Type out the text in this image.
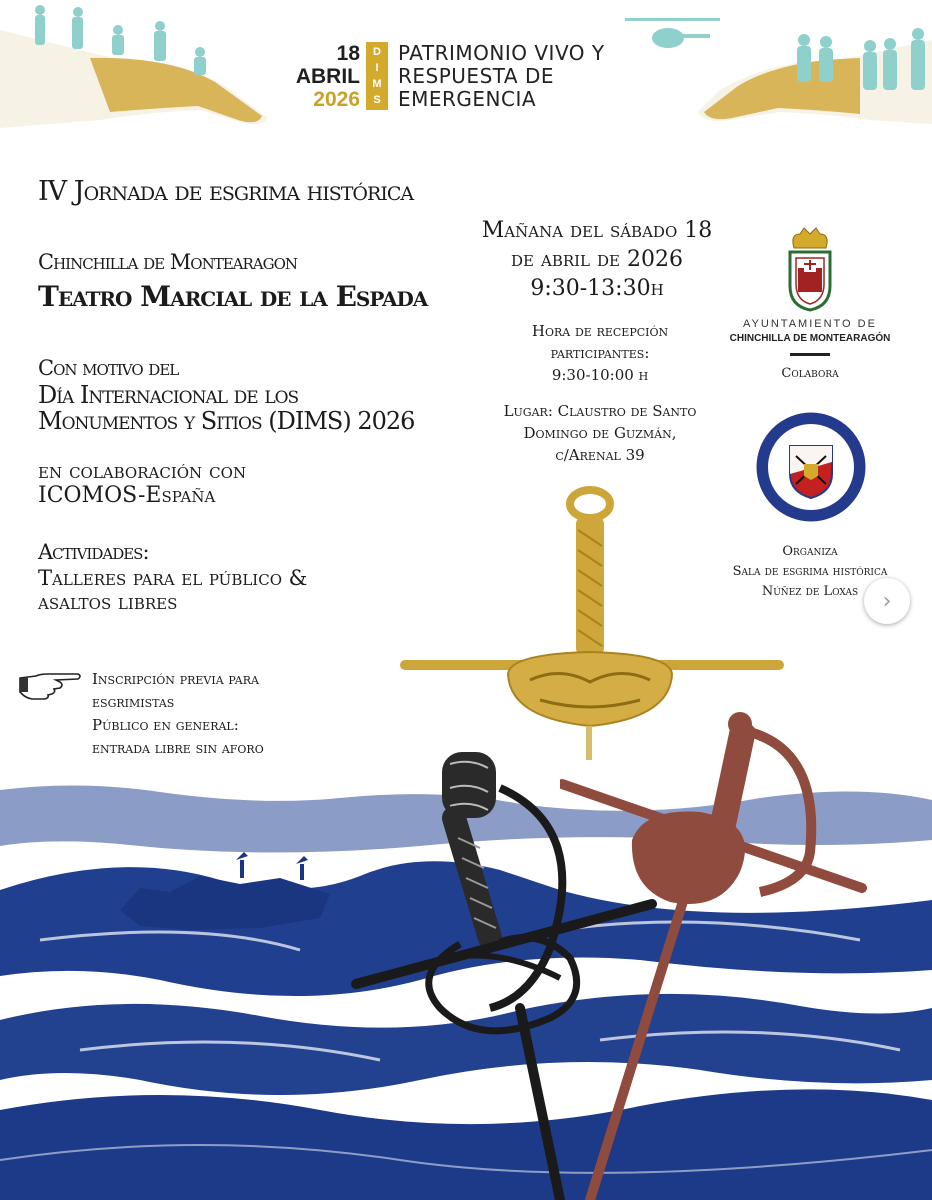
18
ABRIL
2026
D
I
M
S
PATRIMONIO VIVO Y
RESPUESTA DE
EMERGENCIA
IV Jornada de esgrima histórica
Chinchilla de Montearagon
Teatro Marcial de la Espada
Con motivo del
Día Internacional de los
Monumentos y Sitios (DIMS) 2026
en colaboración con
ICOMOS-España
Actividades:
Talleres para el público &
asaltos libres
Inscripción previa para
esgrimistas
Público en general:
entrada libre sin aforo
Mañana del sábado 18
de abril de 2026
9:30-13:30h
Hora de recepción
participantes:
9:30-10:00 h
Lugar: Claustro de Santo
Domingo de Guzmán,
c/Arenal 39
AYUNTAMIENTO DE
CHINCHILLA DE MONTEARAGÓN
Colabora
Organiza
Sala de esgrima histórica
Núñez de Loxas	›
